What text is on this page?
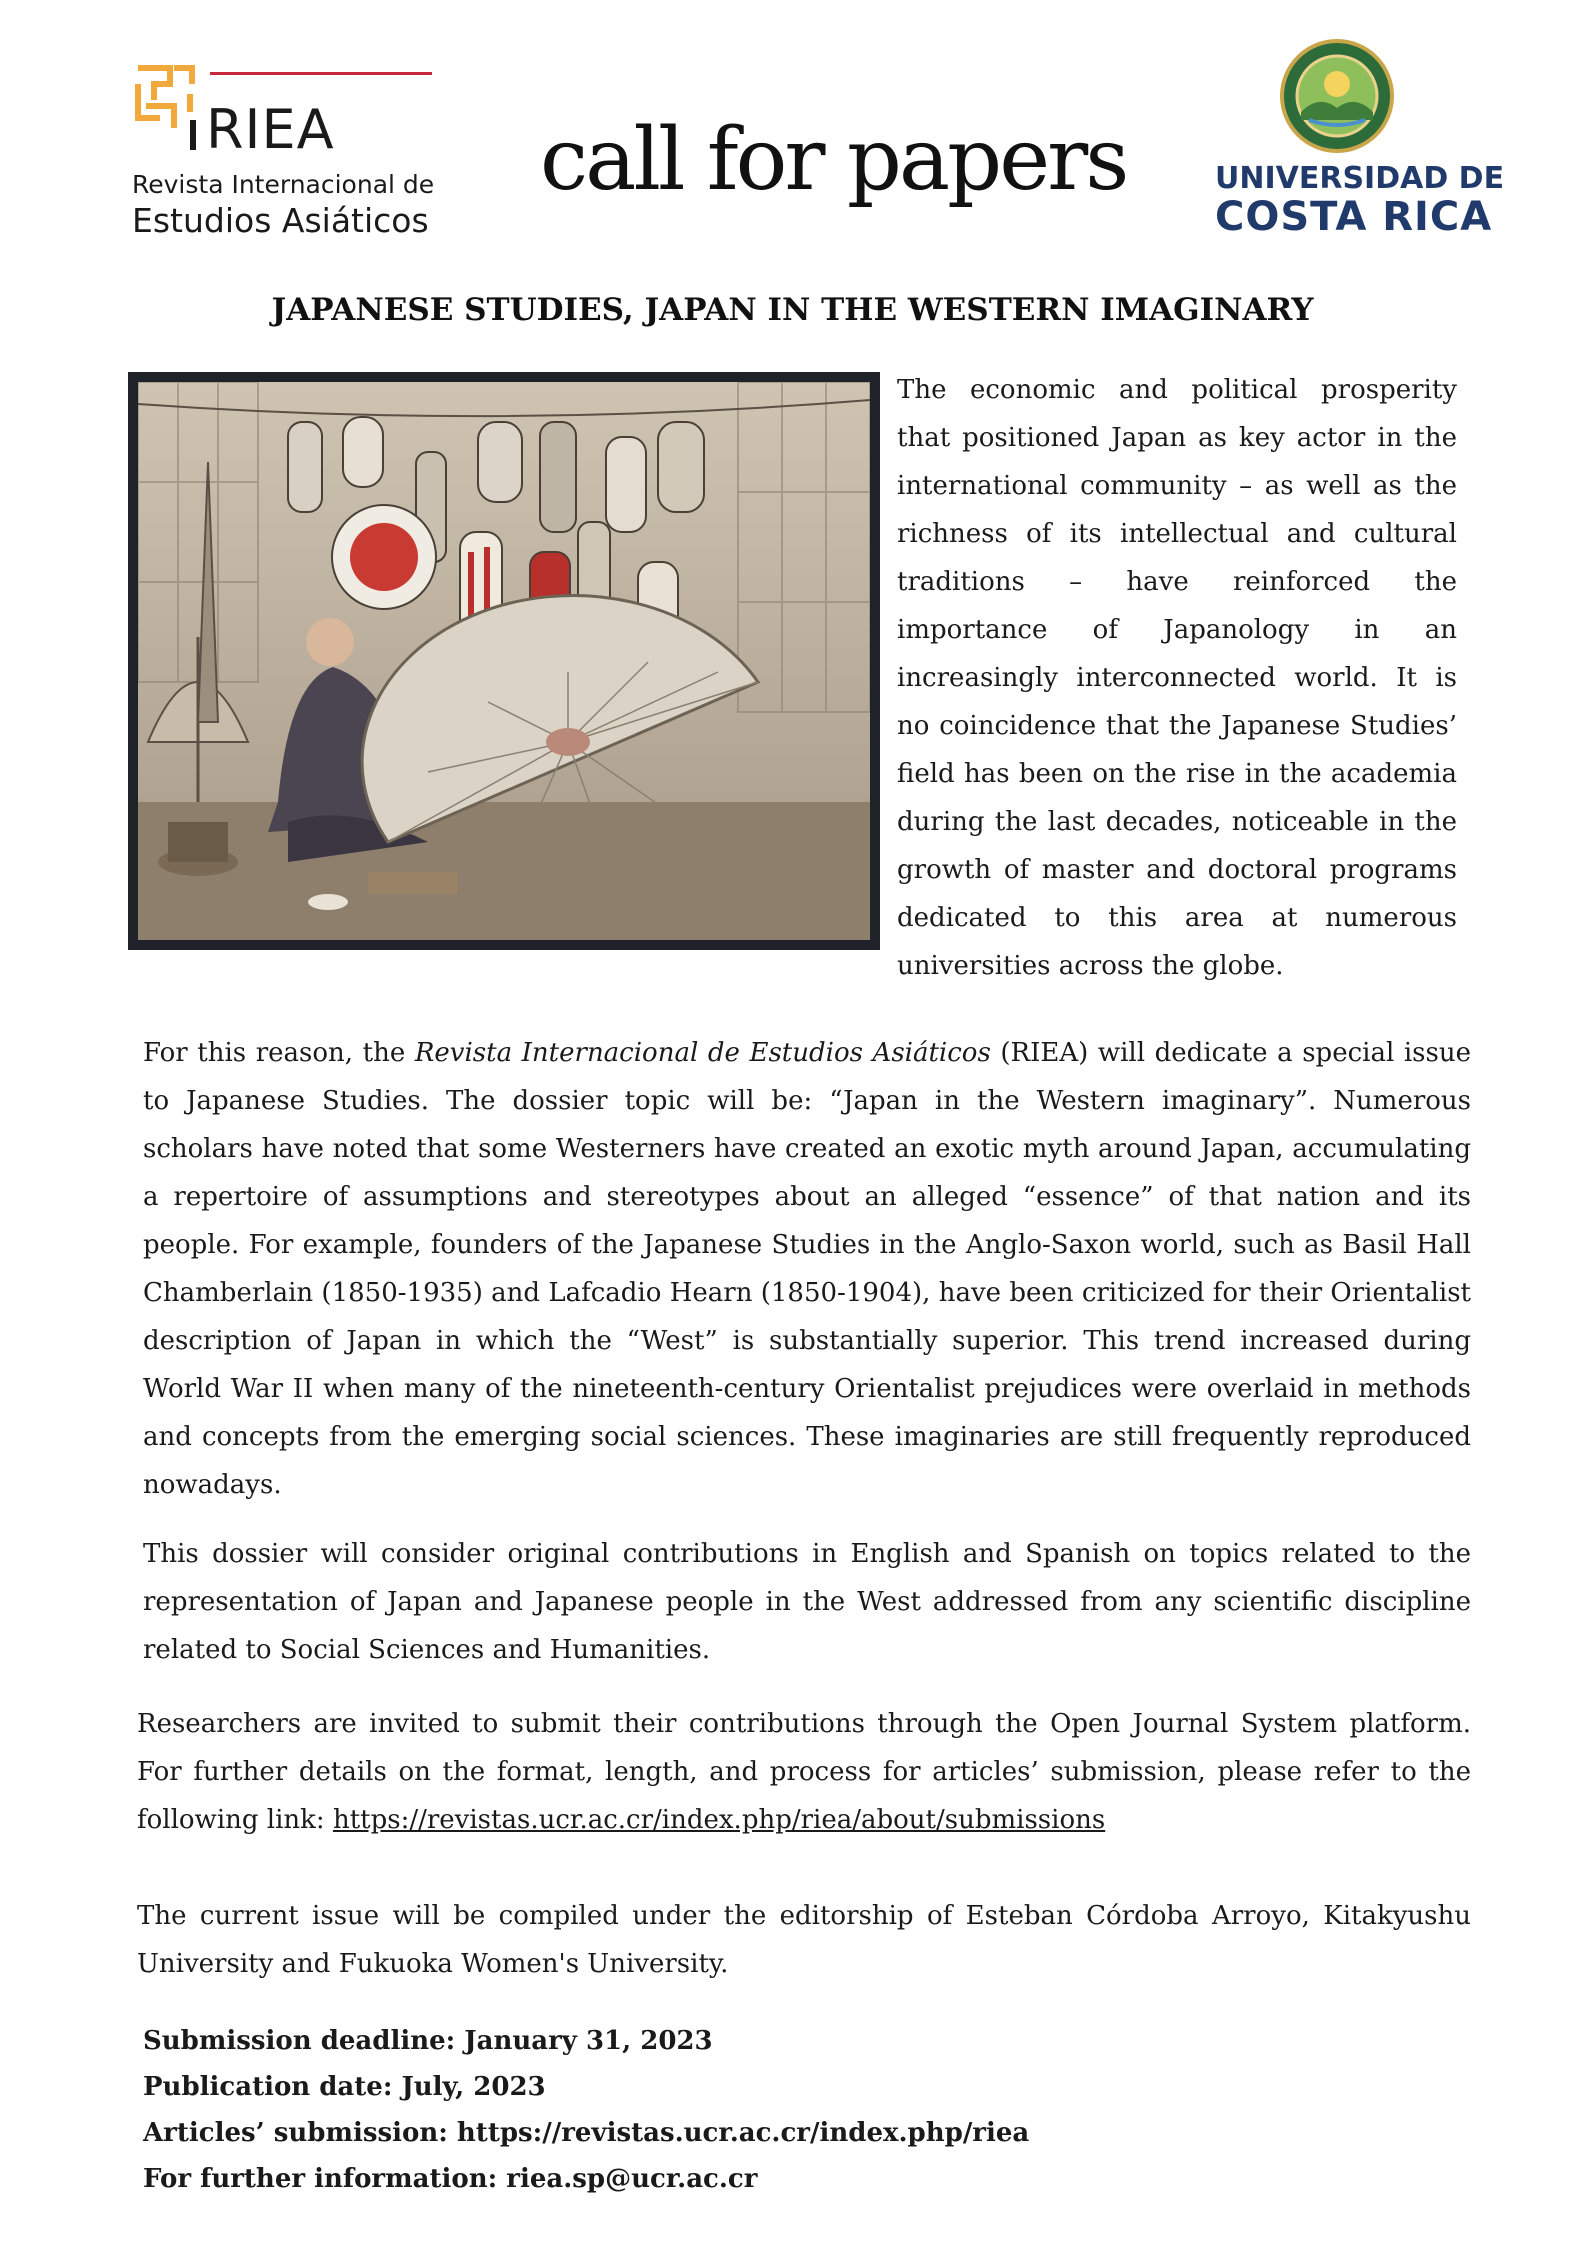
RIEA
Revista Internacional de
Estudios Asiáticos
call for papers	UNIVERSIDAD DE
COSTA RICA
JAPANESE STUDIES, JAPAN IN THE WESTERN IMAGINARY
The economic and political prosperity that positioned Japan as key actor in the international community – as well as the richness of its intellectual and cultural traditions – have reinforced the importance of Japanology in an increasingly interconnected world. It is no coincidence that the Japanese Studies’ field has been on the rise in the academia during the last decades, noticeable in the growth of master and doctoral programs dedicated to this area at numerous universities across the globe.
For this reason, the Revista Internacional de Estudios Asiáticos (RIEA) will dedicate a special issue to Japanese Studies. The dossier topic will be: “Japan in the Western imaginary”. Numerous scholars have noted that some Westerners have created an exotic myth around Japan, accumulating a repertoire of assumptions and stereotypes about an alleged “essence” of that nation and its people. For example, founders of the Japanese Studies in the Anglo-Saxon world, such as Basil Hall Chamberlain (1850-1935) and Lafcadio Hearn (1850-1904), have been criticized for their Orientalist description of Japan in which the “West” is substantially superior. This trend increased during World War II when many of the nineteenth-century Orientalist prejudices were overlaid in methods and concepts from the emerging social sciences. These imaginaries are still frequently reproduced nowadays.
This dossier will consider original contributions in English and Spanish on topics related to the representation of Japan and Japanese people in the West addressed from any scientific discipline related to Social Sciences and Humanities.
Researchers are invited to submit their contributions through the Open Journal System platform. For further details on the format, length, and process for articles’ submission, please refer to the following link: https://revistas.ucr.ac.cr/index.php/riea/about/submissions
The current issue will be compiled under the editorship of Esteban Córdoba Arroyo, Kitakyushu University and Fukuoka Women's University.
Submission deadline: January 31, 2023
Publication date: July, 2023
Articles’ submission: https://revistas.ucr.ac.cr/index.php/riea
For further information: riea.sp@ucr.ac.cr
